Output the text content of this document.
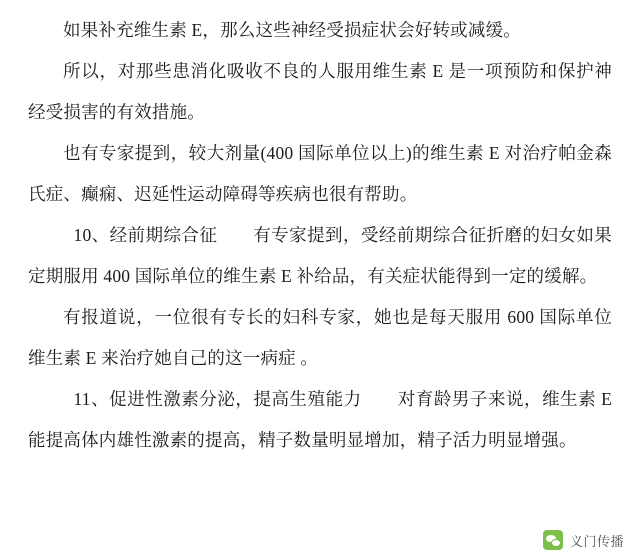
如果补充维生素 E，那么这些神经受损症状会好转或减缓。

所以，对那些患消化吸收不良的人服用维生素 E 是一项预防和保护神经受损害的有效措施。

也有专家提到，较大剂量(400 国际单位以上)的维生素 E 对治疗帕金森氏症、癫痫、迟延性运动障碍等疾病也很有帮助。

10、经前期综合征　　有专家提到，受经前期综合征折磨的妇女如果定期服用 400 国际单位的维生素 E 补给品，有关症状能得到一定的缓解。

有报道说，一位很有专长的妇科专家，她也是每天服用 600 国际单位维生素 E 来治疗她自己的这一病症 。

11、促进性激素分泌，提高生殖能力　　对育龄男子来说，维生素 E 能提高体内雄性激素的提高，精子数量明显增加，精子活力明显增强。

义门传播
